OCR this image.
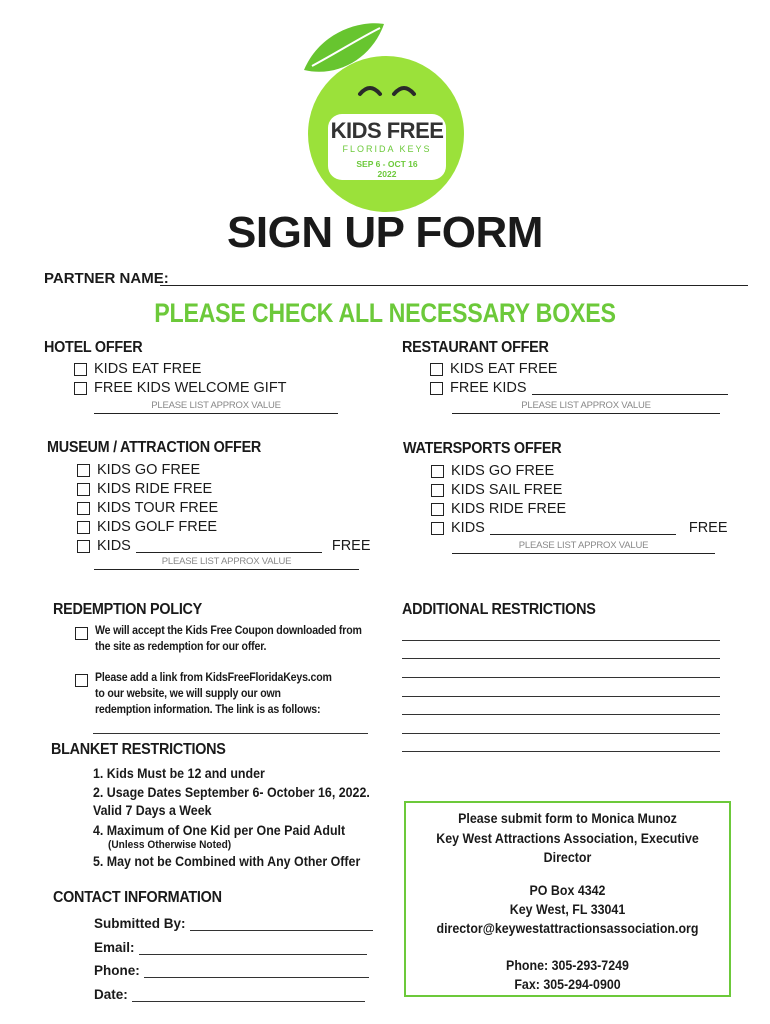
KIDS FREE
FLORIDA KEYS
SEP 6 - OCT 16
2022
SIGN UP FORM
PARTNER NAME:
PLEASE CHECK ALL NECESSARY BOXES
HOTEL OFFER
KIDS EAT FREE
FREE KIDS WELCOME GIFT
PLEASE LIST APPROX VALUE
RESTAURANT OFFER
KIDS EAT FREE
FREE KIDS
PLEASE LIST APPROX VALUE
MUSEUM / ATTRACTION OFFER
KIDS GO FREE
KIDS RIDE FREE
KIDS TOUR FREE
KIDS GOLF FREE
KIDS	FREE
PLEASE LIST APPROX VALUE
WATERSPORTS OFFER
KIDS GO FREE
KIDS SAIL FREE
KIDS RIDE FREE
KIDS	FREE
PLEASE LIST APPROX VALUE
REDEMPTION POLICY
We will accept the Kids Free Coupon downloaded from the site as redemption for our offer.
Please add a link from KidsFreeFloridaKeys.com to our website, we will supply our own redemption information. The link is as follows:
ADDITIONAL RESTRICTIONS
BLANKET RESTRICTIONS
1. Kids Must be 12 and under
2. Usage Dates September 6- October 16, 2022.
Valid 7 Days a Week
4. Maximum of One Kid per One Paid Adult
(Unless Otherwise Noted)
5. May not be Combined with Any Other Offer
CONTACT INFORMATION
Submitted By:
Email:
Phone:
Date:
Please submit form to Monica Munoz
Key West Attractions Association, Executive Director
PO Box 4342
Key West, FL 33041
director@keywestattractionsassociation.org
Phone: 305-293-7249
Fax: 305-294-0900
